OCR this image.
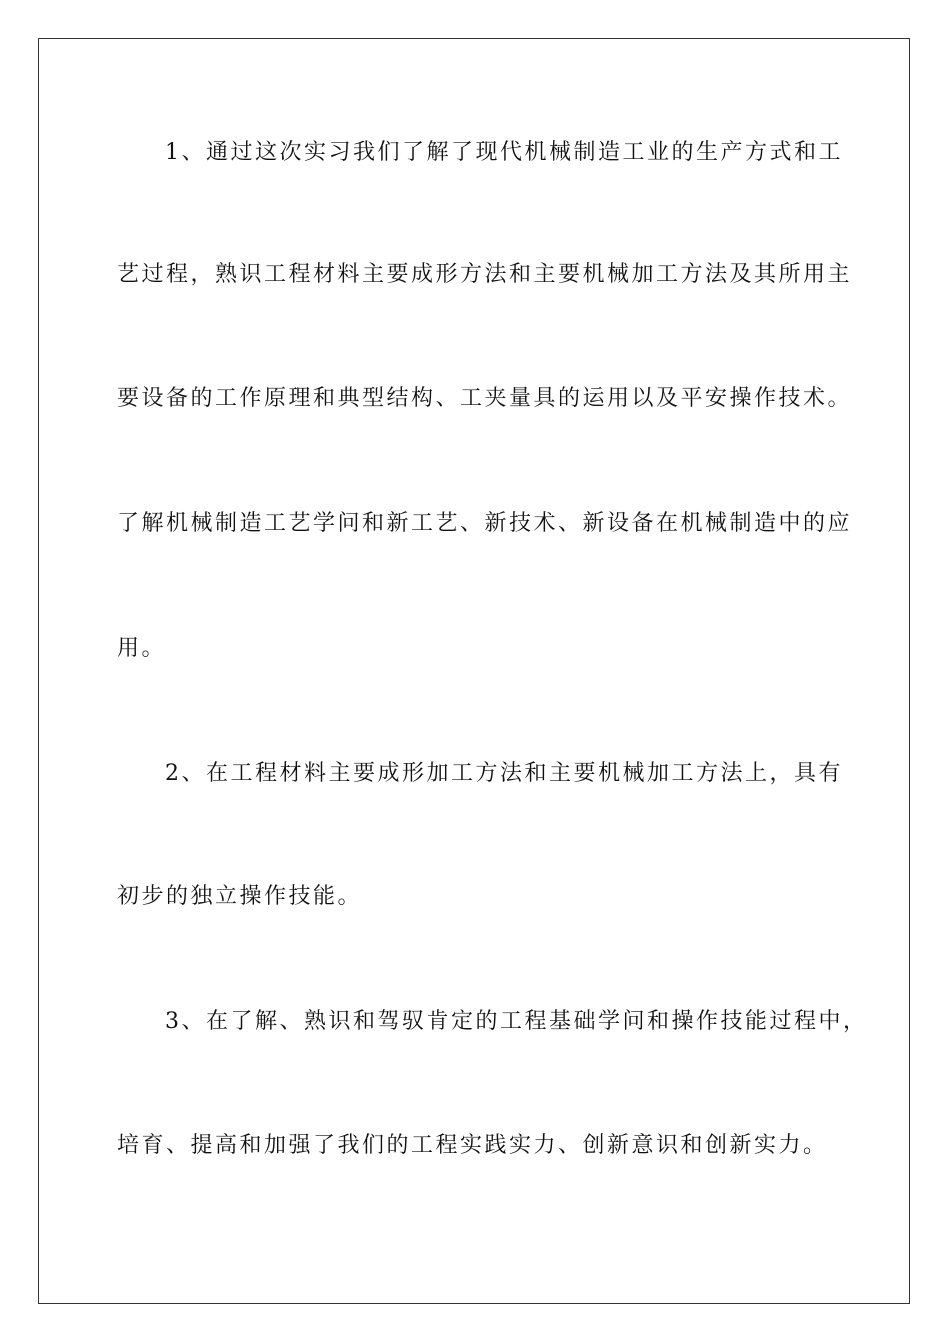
1、通过这次实习我们了解了现代机械制造工业的生产方式和工
艺过程，熟识工程材料主要成形方法和主要机械加工方法及其所用主
要设备的工作原理和典型结构、工夹量具的运用以及平安操作技术。
了解机械制造工艺学问和新工艺、新技术、新设备在机械制造中的应
用。
2、在工程材料主要成形加工方法和主要机械加工方法上，具有
初步的独立操作技能。
3、在了解、熟识和驾驭肯定的工程基础学问和操作技能过程中，
培育、提高和加强了我们的工程实践实力、创新意识和创新实力。
